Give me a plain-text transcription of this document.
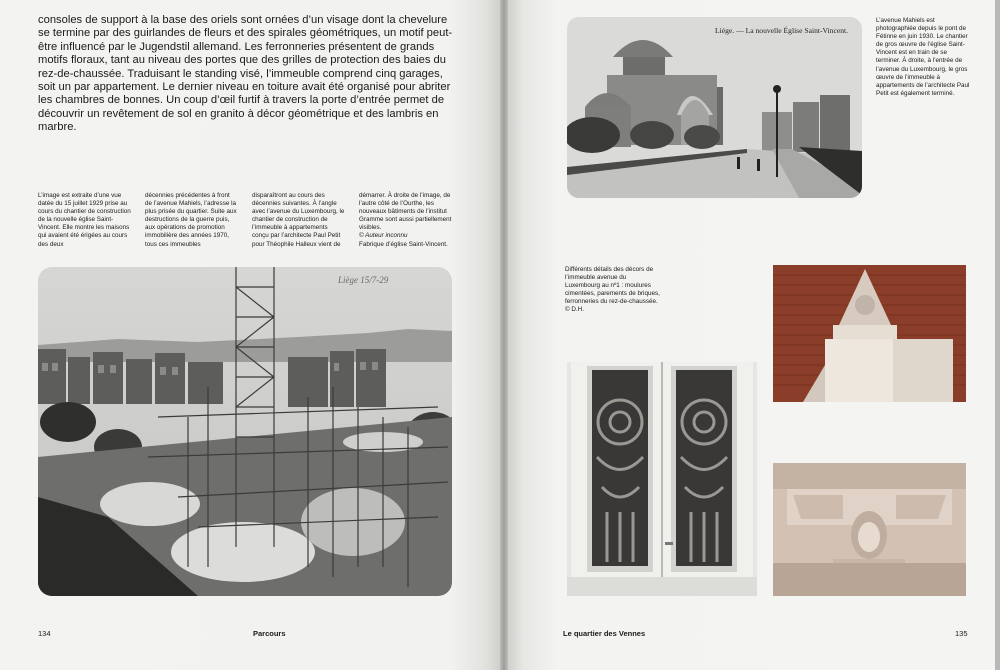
consoles de support à la base des oriels sont ornées d’un visage dont la chevelure se termine par des guirlandes de fleurs et des spirales géométriques, un motif peut-être influencé par le Jugendstil allemand. Les ferronneries présentent de grands motifs floraux, tant au niveau des portes que des grilles de protection des baies du rez-de-chaussée. Traduisant le standing visé, l’immeuble comprend cinq garages, soit un par appartement. Le dernier niveau en toiture avait été organisé pour abriter les chambres de bonnes. Un coup d’œil furtif à travers la porte d’entrée permet de découvrir un revêtement de sol en granito à décor géométrique et des lambris en marbre.

L’image est extraite d’une vue datée du 15 juillet 1929 prise au cours du chantier de construction de la nouvelle église Saint-Vincent. Elle montre les maisons qui avaient été érigées au cours des deux

décennies précédentes à front de l’avenue Mahiels, l’adresse la plus prisée du quartier. Suite aux destructions de la guerre puis, aux opérations de promotion immobilière des années 1970, tous ces immeubles

disparaîtront au cours des décennies suivantes. À l’angle avec l’avenue du Luxembourg, le chantier de construction de l’immeuble à appartements conçu par l’architecte Paul Petit pour Théophile Halleux vient de

démarrer. À droite de l’image, de l’autre côté de l’Ourthe, les nouveaux bâtiments de l’institut Gramme sont aussi partiellement visibles.
© Auteur inconnu
Fabrique d’église Saint-Vincent.

Liège 15/7-29
134	Parcours
Liége. — La nouvelle Église Saint-Vincent.

L’avenue Mahiels est photographiée depuis le pont de Fétinne en juin 1930. Le chantier de gros œuvre de l’église Saint-Vincent est en train de se terminer. À droite, à l’entrée de l’avenue du Luxembourg, le gros œuvre de l’immeuble à appartements de l’architecte Paul Petit est également terminé.

Différents détails des décors de l’immeuble avenue du Luxembourg au nº1 : moulures cimentées, parements de briques, ferronneries du rez-de-chaussée.
© D.H.

Le quartier des Vennes	135
